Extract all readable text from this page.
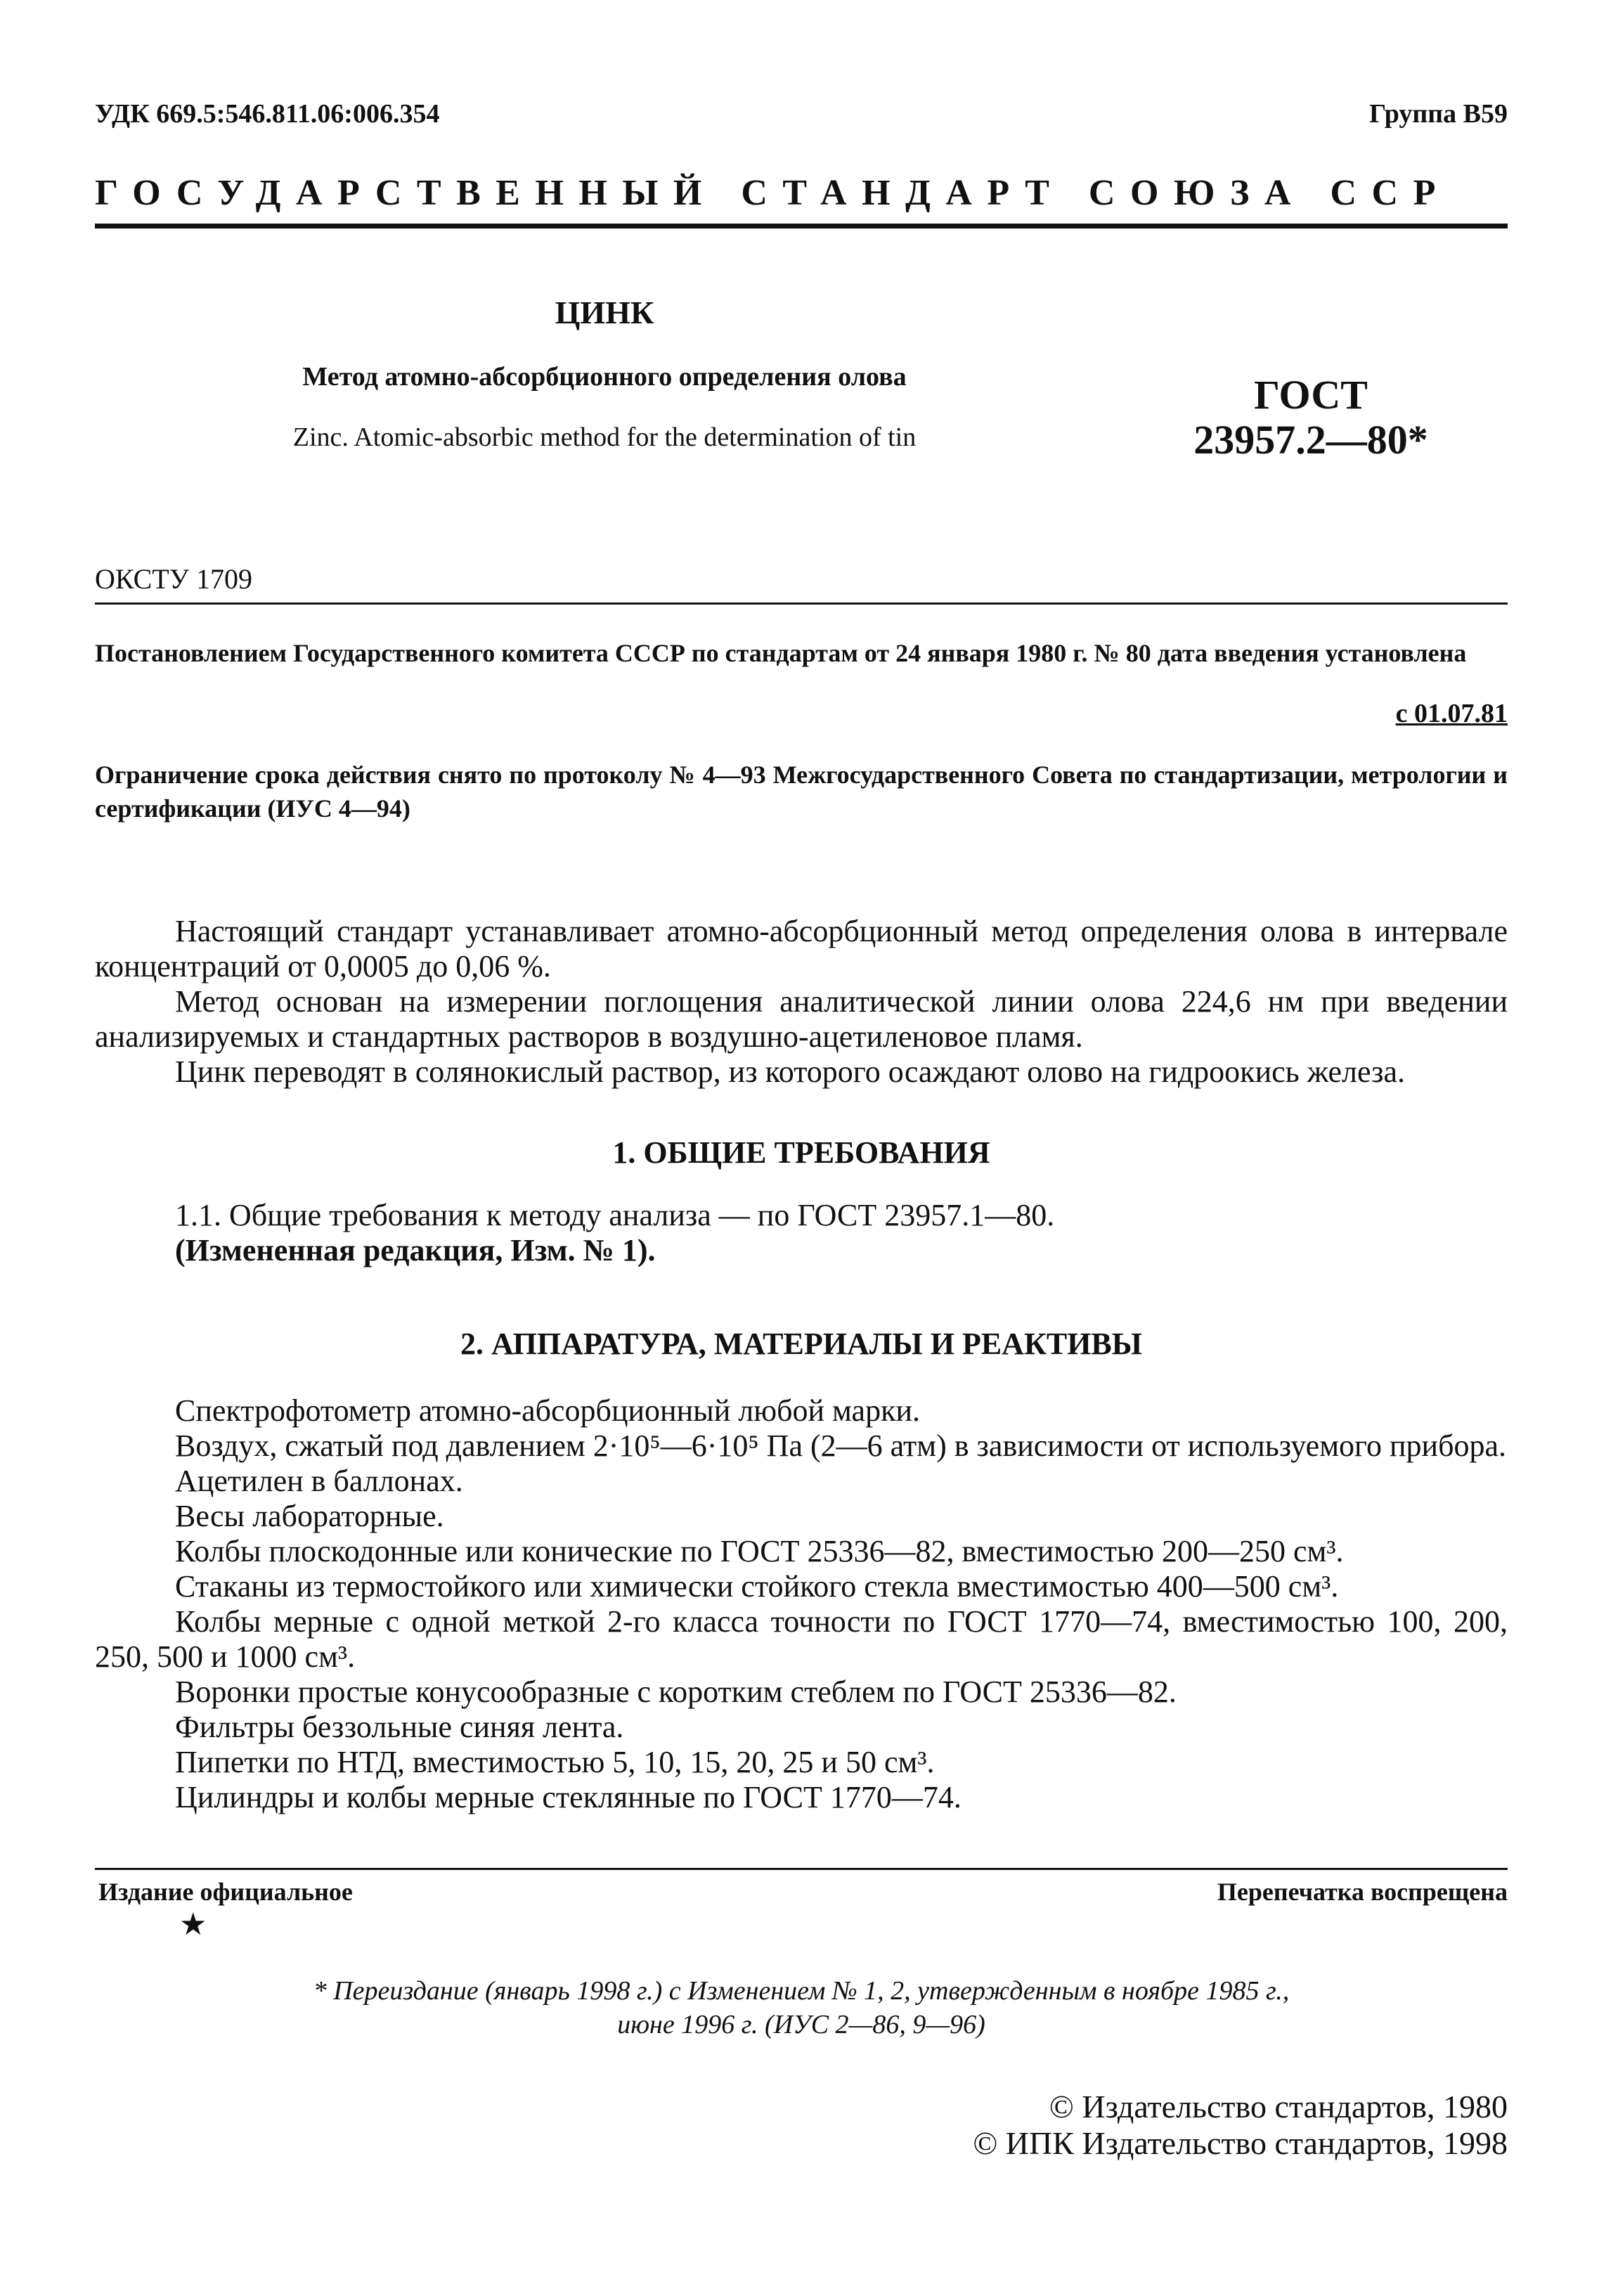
УДК 669.5:546.811.06:006.354	Группа В59
ГОСУДАРСТВЕННЫЙ СТАНДАРТ СОЮЗА ССР
ЦИНК
Метод атомно-абсорбционного определения олова
Zinc. Atomic-absorbic method for the determination of tin
ГОСТ
23957.2—80*
ОКСТУ 1709
Постановлением Государственного комитета СССР по стандартам от 24 января 1980 г. № 80 дата введения установлена
с 01.07.81
Ограничение срока действия снято по протоколу № 4—93 Межгосударственного Совета по стандартизации, метрологии и сертификации (ИУС 4—94)

Настоящий стандарт устанавливает атомно-абсорбционный метод определения олова в интервале концентраций от 0,0005 до 0,06 %.

Метод основан на измерении поглощения аналитической линии олова 224,6 нм при введении анализируемых и стандартных растворов в воздушно-ацетиленовое пламя.

Цинк переводят в солянокислый раствор, из которого осаждают олово на гидроокись железа.

1. ОБЩИЕ ТРЕБОВАНИЯ

1.1. Общие требования к методу анализа — по ГОСТ 23957.1—80.

(Измененная редакция, Изм. № 1).

2. АППАРАТУРА, МАТЕРИАЛЫ И РЕАКТИВЫ

Спектрофотометр атомно-абсорбционный любой марки.

Воздух, сжатый под давлением 2·10⁵—6·10⁵ Па (2—6 атм) в зависимости от используемого прибора.

Ацетилен в баллонах.

Весы лабораторные.

Колбы плоскодонные или конические по ГОСТ 25336—82, вместимостью 200—250 см³.

Стаканы из термостойкого или химически стойкого стекла вместимостью 400—500 см³.

Колбы мерные с одной меткой 2-го класса точности по ГОСТ 1770—74, вместимостью 100, 200, 250, 500 и 1000 см³.

Воронки простые конусообразные с коротким стеблем по ГОСТ 25336—82.

Фильтры беззольные синяя лента.

Пипетки по НТД, вместимостью 5, 10, 15, 20, 25 и 50 см³.

Цилиндры и колбы мерные стеклянные по ГОСТ 1770—74.

Издание официальное
★
Перепечатка воспрещена
* Переиздание (январь 1998 г.) с Изменением № 1, 2, утвержденным в ноябре 1985 г.,
июне 1996 г. (ИУС 2—86, 9—96)
© Издательство стандартов, 1980
© ИПК Издательство стандартов, 1998
